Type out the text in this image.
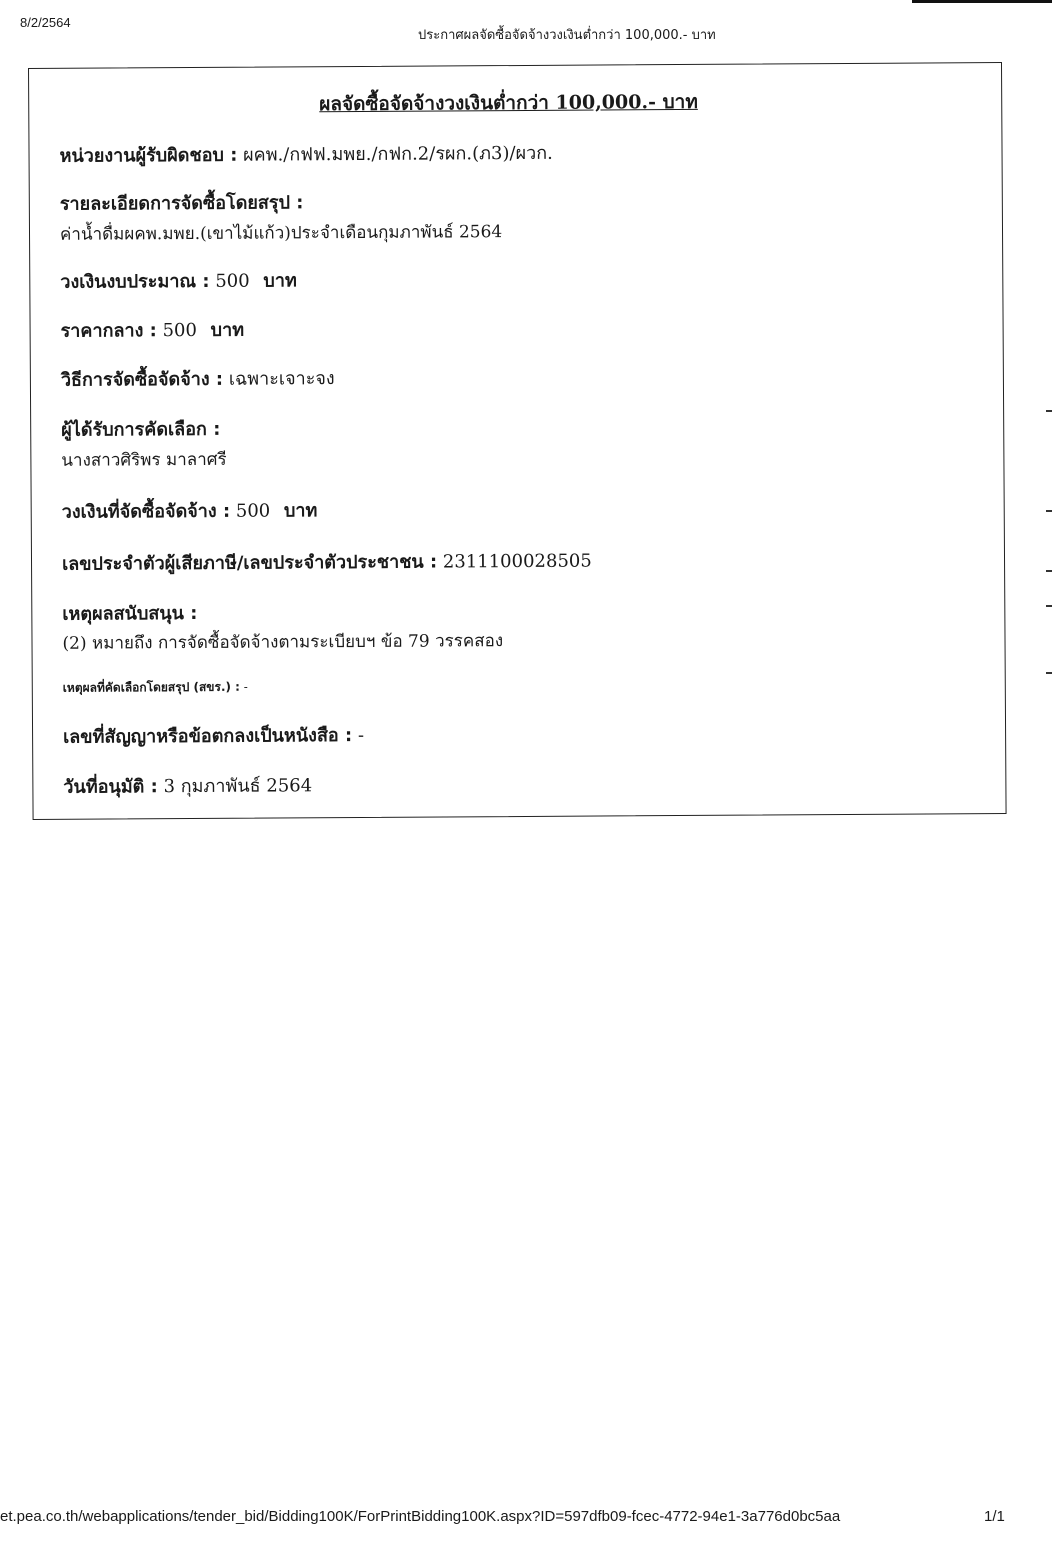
8/2/2564
ประกาศผลจัดซื้อจัดจ้างวงเงินต่ำกว่า 100,000.- บาท
ผลจัดซื้อจัดจ้างวงเงินต่ำกว่า 100,000.- บาท
หน่วยงานผู้รับผิดชอบ : ผคพ./กฟฟ.มพย./กฟก.2/รผก.(ภ3)/ผวก.
รายละเอียดการจัดซื้อโดยสรุป :
ค่าน้ำดื่มผคพ.มพย.(เขาไม้แก้ว)ประจำเดือนกุมภาพันธ์ 2564
วงเงินงบประมาณ : 500 บาท
ราคากลาง : 500 บาท
วิธีการจัดซื้อจัดจ้าง : เฉพาะเจาะจง
ผู้ได้รับการคัดเลือก :
นางสาวศิริพร มาลาศรี
วงเงินที่จัดซื้อจัดจ้าง : 500 บาท
เลขประจำตัวผู้เสียภาษี/เลขประจำตัวประชาชน : 2311100028505
เหตุผลสนับสนุน :
(2) หมายถึง การจัดซื้อจัดจ้างตามระเบียบฯ ข้อ 79 วรรคสอง
เหตุผลที่คัดเลือกโดยสรุป (สขร.) : -
เลขที่สัญญาหรือข้อตกลงเป็นหนังสือ : -
วันที่อนุมัติ : 3 กุมภาพันธ์ 2564
et.pea.co.th/webapplications/tender_bid/Bidding100K/ForPrintBidding100K.aspx?ID=597dfb09-fcec-4772-94e1-3a776d0bc5aa	1/1
